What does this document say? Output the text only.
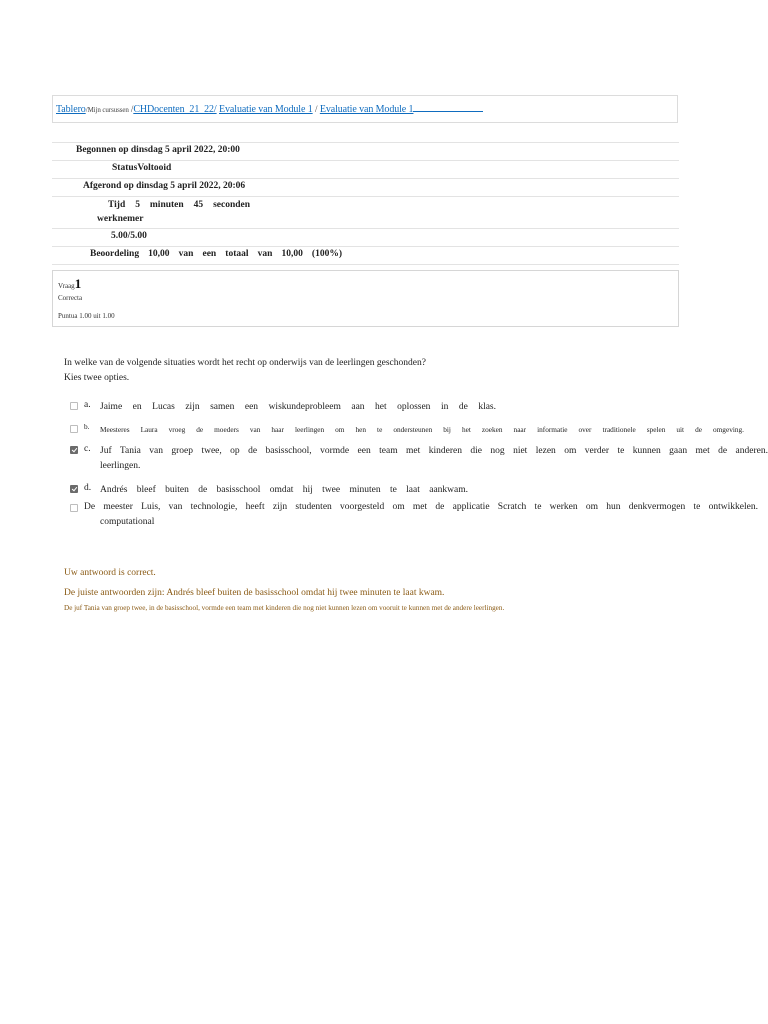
Tablero/Mijn cursussen /CHDocenten_21_22/ Evaluatie van Module 1 / Evaluatie van Module 1
Begonnen op dinsdag 5 april 2022, 20:00
StatusVoltooid
Afgerond op dinsdag 5 april 2022, 20:06
Tijd 5 minuten 45 seconden
werknemer
5.00/5.00
Beoordeling 10,00 van een totaal van 10,00 (100%)
Vraag1
Correcta
Puntua 1.00 uit 1.00
In welke van de volgende situaties wordt het recht op onderwijs van de leerlingen geschonden?
Kies twee opties.
a. Jaime en Lucas zijn samen een wiskundeprobleem aan het oplossen in de klas.
b. Meesteres Laura vroeg de moeders van haar leerlingen om hen te ondersteunen bij het zoeken naar informatie over traditionele spelen uit de omgeving.
c. Juf Tania van groep twee, op de basisschool, vormde een team met kinderen die nog niet lezen om verder te kunnen gaan met de anderen.
leerlingen.
d. Andrés bleef buiten de basisschool omdat hij twee minuten te laat aankwam.
De meester Luis, van technologie, heeft zijn studenten voorgesteld om met de applicatie Scratch te werken om hun denkvermogen te ontwikkelen.
computational
Uw antwoord is correct.
De juiste antwoorden zijn: Andrés bleef buiten de basisschool omdat hij twee minuten te laat kwam.
De juf Tania van groep twee, in de basisschool, vormde een team met kinderen die nog niet kunnen lezen om vooruit te kunnen met de andere leerlingen.
